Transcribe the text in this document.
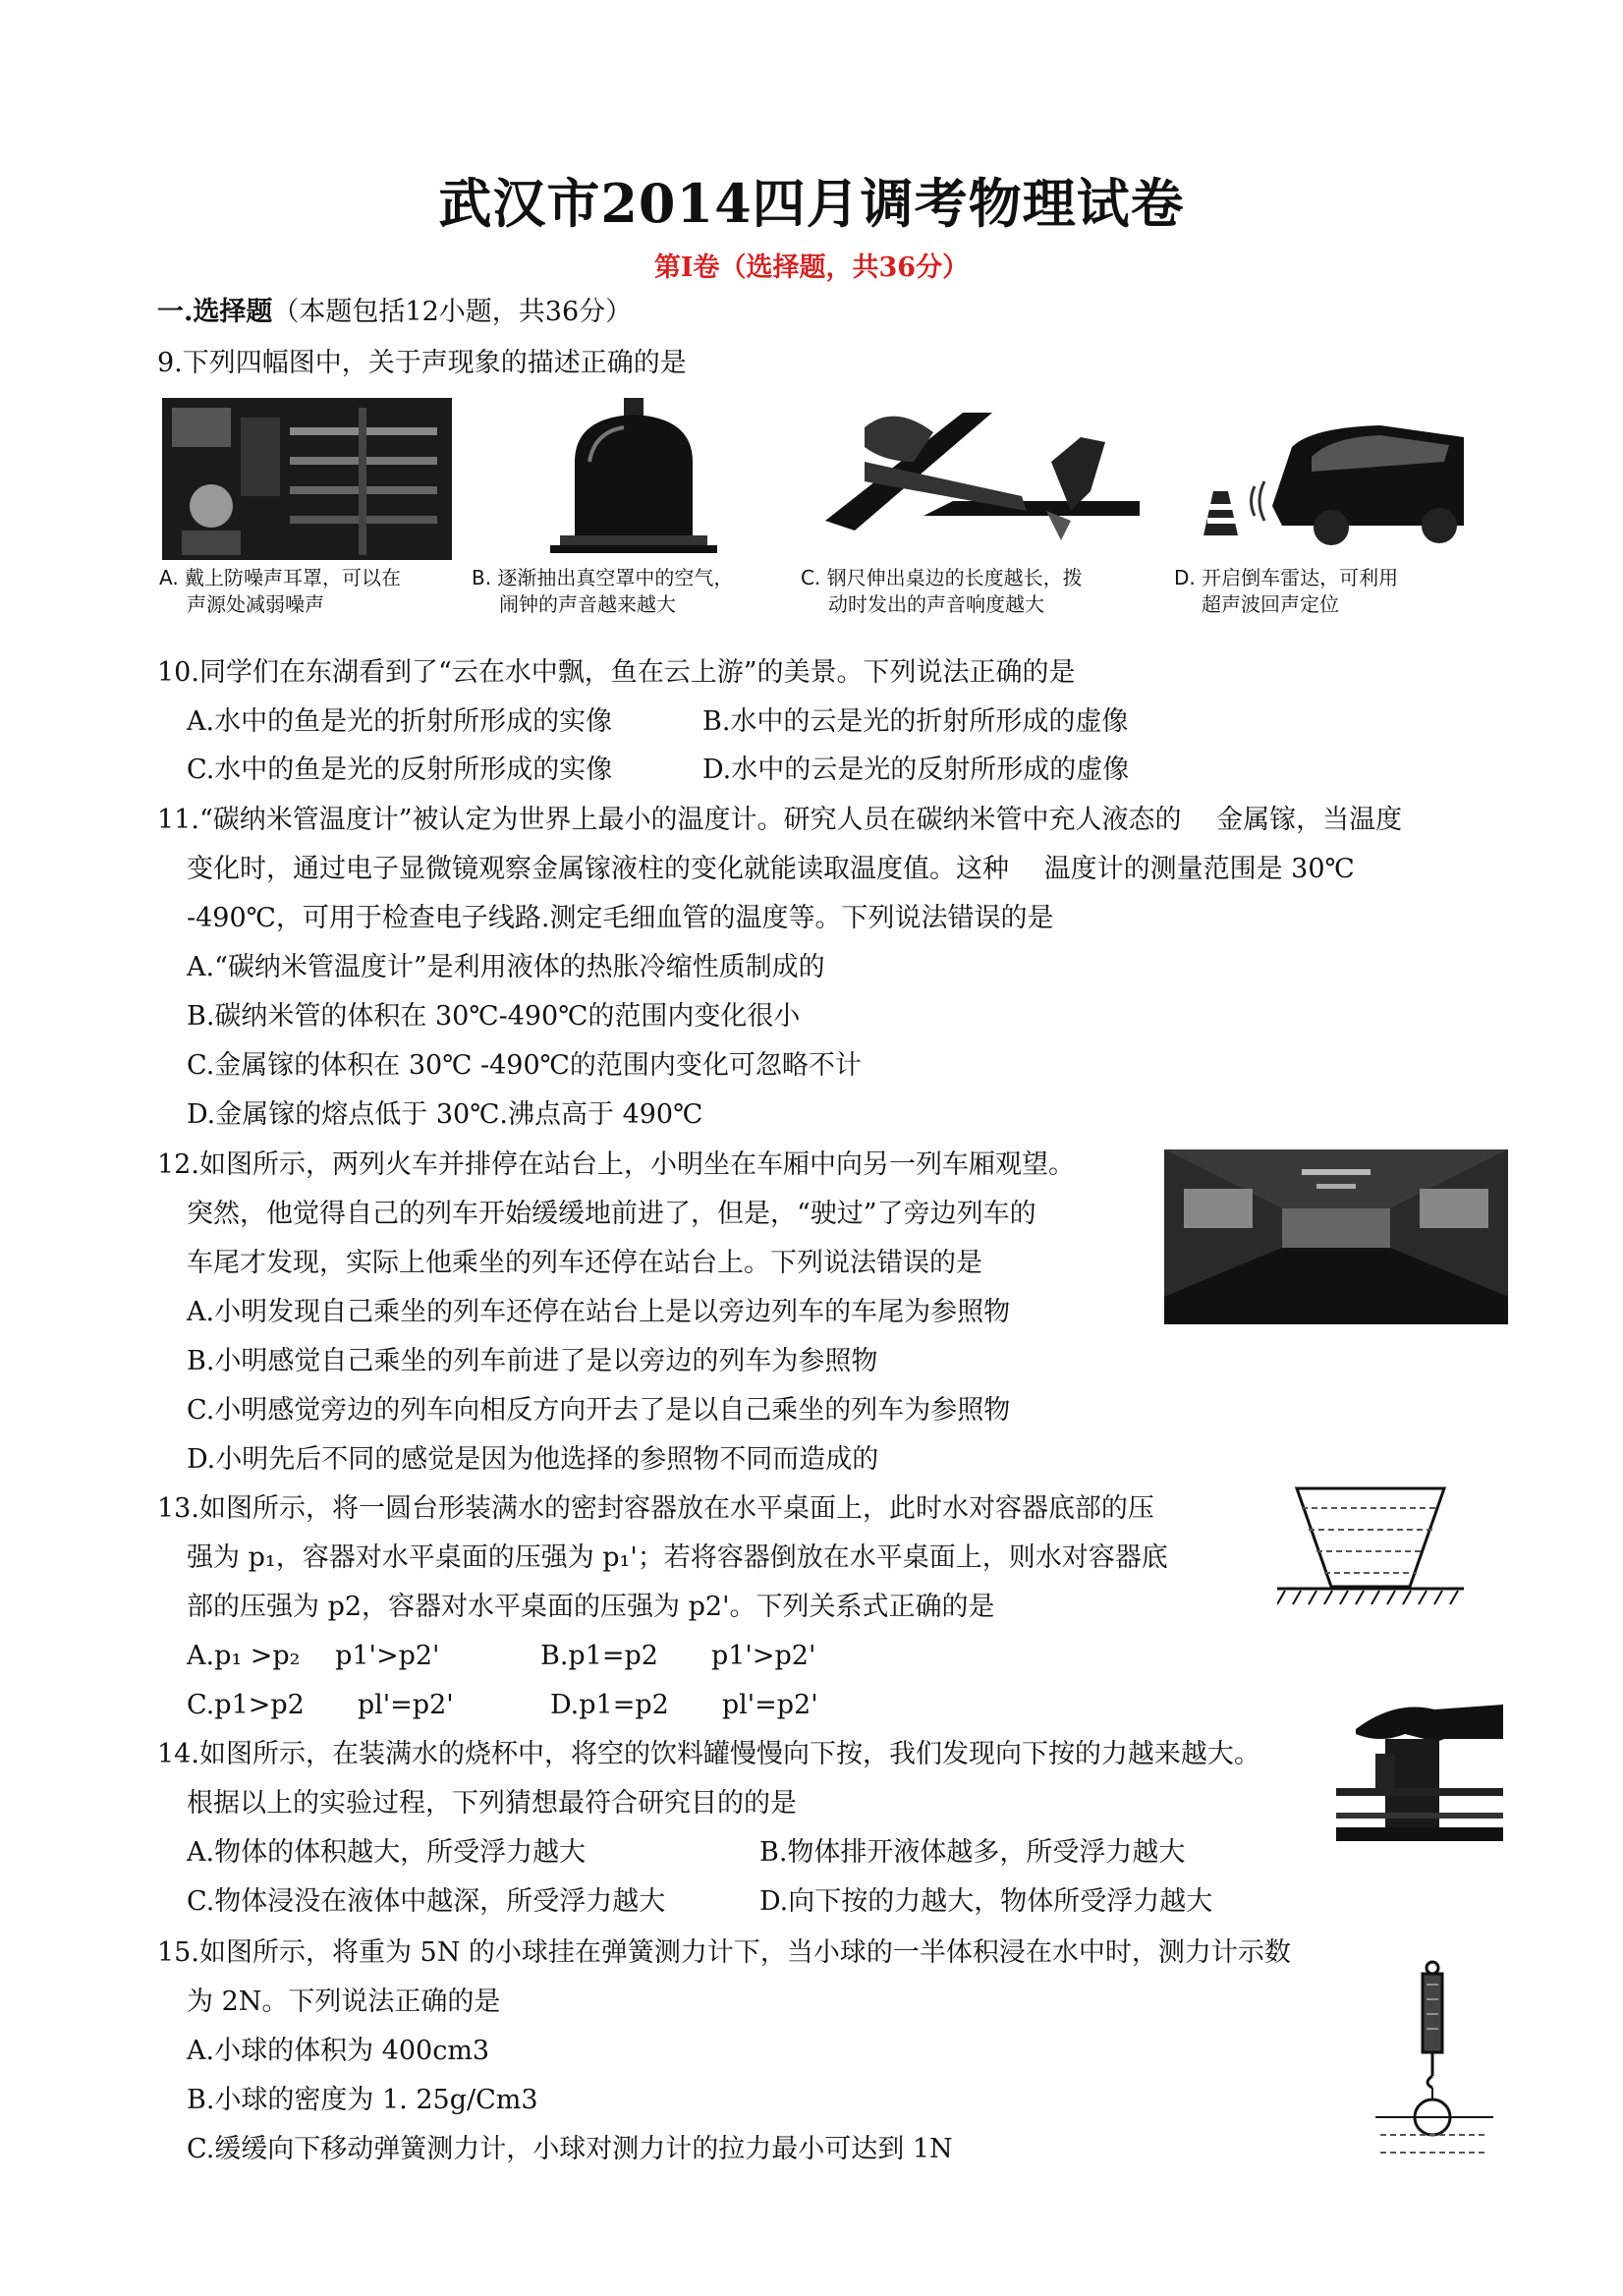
武汉市2014四月调考物理试卷
第Ⅰ卷（选择题，共36分）
一.选择题（本题包括12小题，共36分）
9.下列四幅图中，关于声现象的描述正确的是
A. 戴上防噪声耳罩，可以在
声源处减弱噪声
B. 逐渐抽出真空罩中的空气，
闹钟的声音越来越大
C. 钢尺伸出桌边的长度越长，拨
动时发出的声音响度越大
D. 开启倒车雷达，可利用
超声波回声定位
10.同学们在东湖看到了“云在水中飘，鱼在云上游”的美景。下列说法正确的是
A.水中的鱼是光的折射所形成的实像	B.水中的云是光的折射所形成的虚像
C.水中的鱼是光的反射所形成的实像	D.水中的云是光的反射所形成的虚像
11.“碳纳米管温度计”被认定为世界上最小的温度计。研究人员在碳纳米管中充人液态的　 金属镓，当温度
变化时，通过电子显微镜观察金属镓液柱的变化就能读取温度值。这种　 温度计的测量范围是 30℃
-490℃，可用于检查电子线路.测定毛细血管的温度等。下列说法错误的是
A.“碳纳米管温度计”是利用液体的热胀冷缩性质制成的
B.碳纳米管的体积在 30℃-490℃的范围内变化很小
C.金属镓的体积在 30℃ -490℃的范围内变化可忽略不计
D.金属镓的熔点低于 30℃.沸点高于 490℃
12.如图所示，两列火车并排停在站台上，小明坐在车厢中向另一列车厢观望。
突然，他觉得自己的列车开始缓缓地前进了，但是，“驶过”了旁边列车的
车尾才发现，实际上他乘坐的列车还停在站台上。下列说法错误的是
A.小明发现自己乘坐的列车还停在站台上是以旁边列车的车尾为参照物
B.小明感觉自己乘坐的列车前进了是以旁边的列车为参照物
C.小明感觉旁边的列车向相反方向开去了是以自己乘坐的列车为参照物
D.小明先后不同的感觉是因为他选择的参照物不同而造成的
13.如图所示，将一圆台形装满水的密封容器放在水平桌面上，此时水对容器底部的压
强为 p₁，容器对水平桌面的压强为 p₁'；若将容器倒放在水平桌面上，则水对容器底
部的压强为 p2，容器对水平桌面的压强为 p2'。下列关系式正确的是
A.p₁ >p₂　 p1'>p2'	B.p1=p2　　p1'>p2'
C.p1>p2　　pl'=p2'	D.p1=p2　　pl'=p2'
14.如图所示，在装满水的烧杯中，将空的饮料罐慢慢向下按，我们发现向下按的力越来越大。
根据以上的实验过程，下列猜想最符合研究目的的是
A.物体的体积越大，所受浮力越大	B.物体排开液体越多，所受浮力越大
C.物体浸没在液体中越深，所受浮力越大	D.向下按的力越大，物体所受浮力越大
15.如图所示，将重为 5N 的小球挂在弹簧测力计下，当小球的一半体积浸在水中时，测力计示数
为 2N。下列说法正确的是
A.小球的体积为 400cm3
B.小球的密度为 1. 25g/Cm3
C.缓缓向下移动弹簧测力计，小球对测力计的拉力最小可达到 1N
